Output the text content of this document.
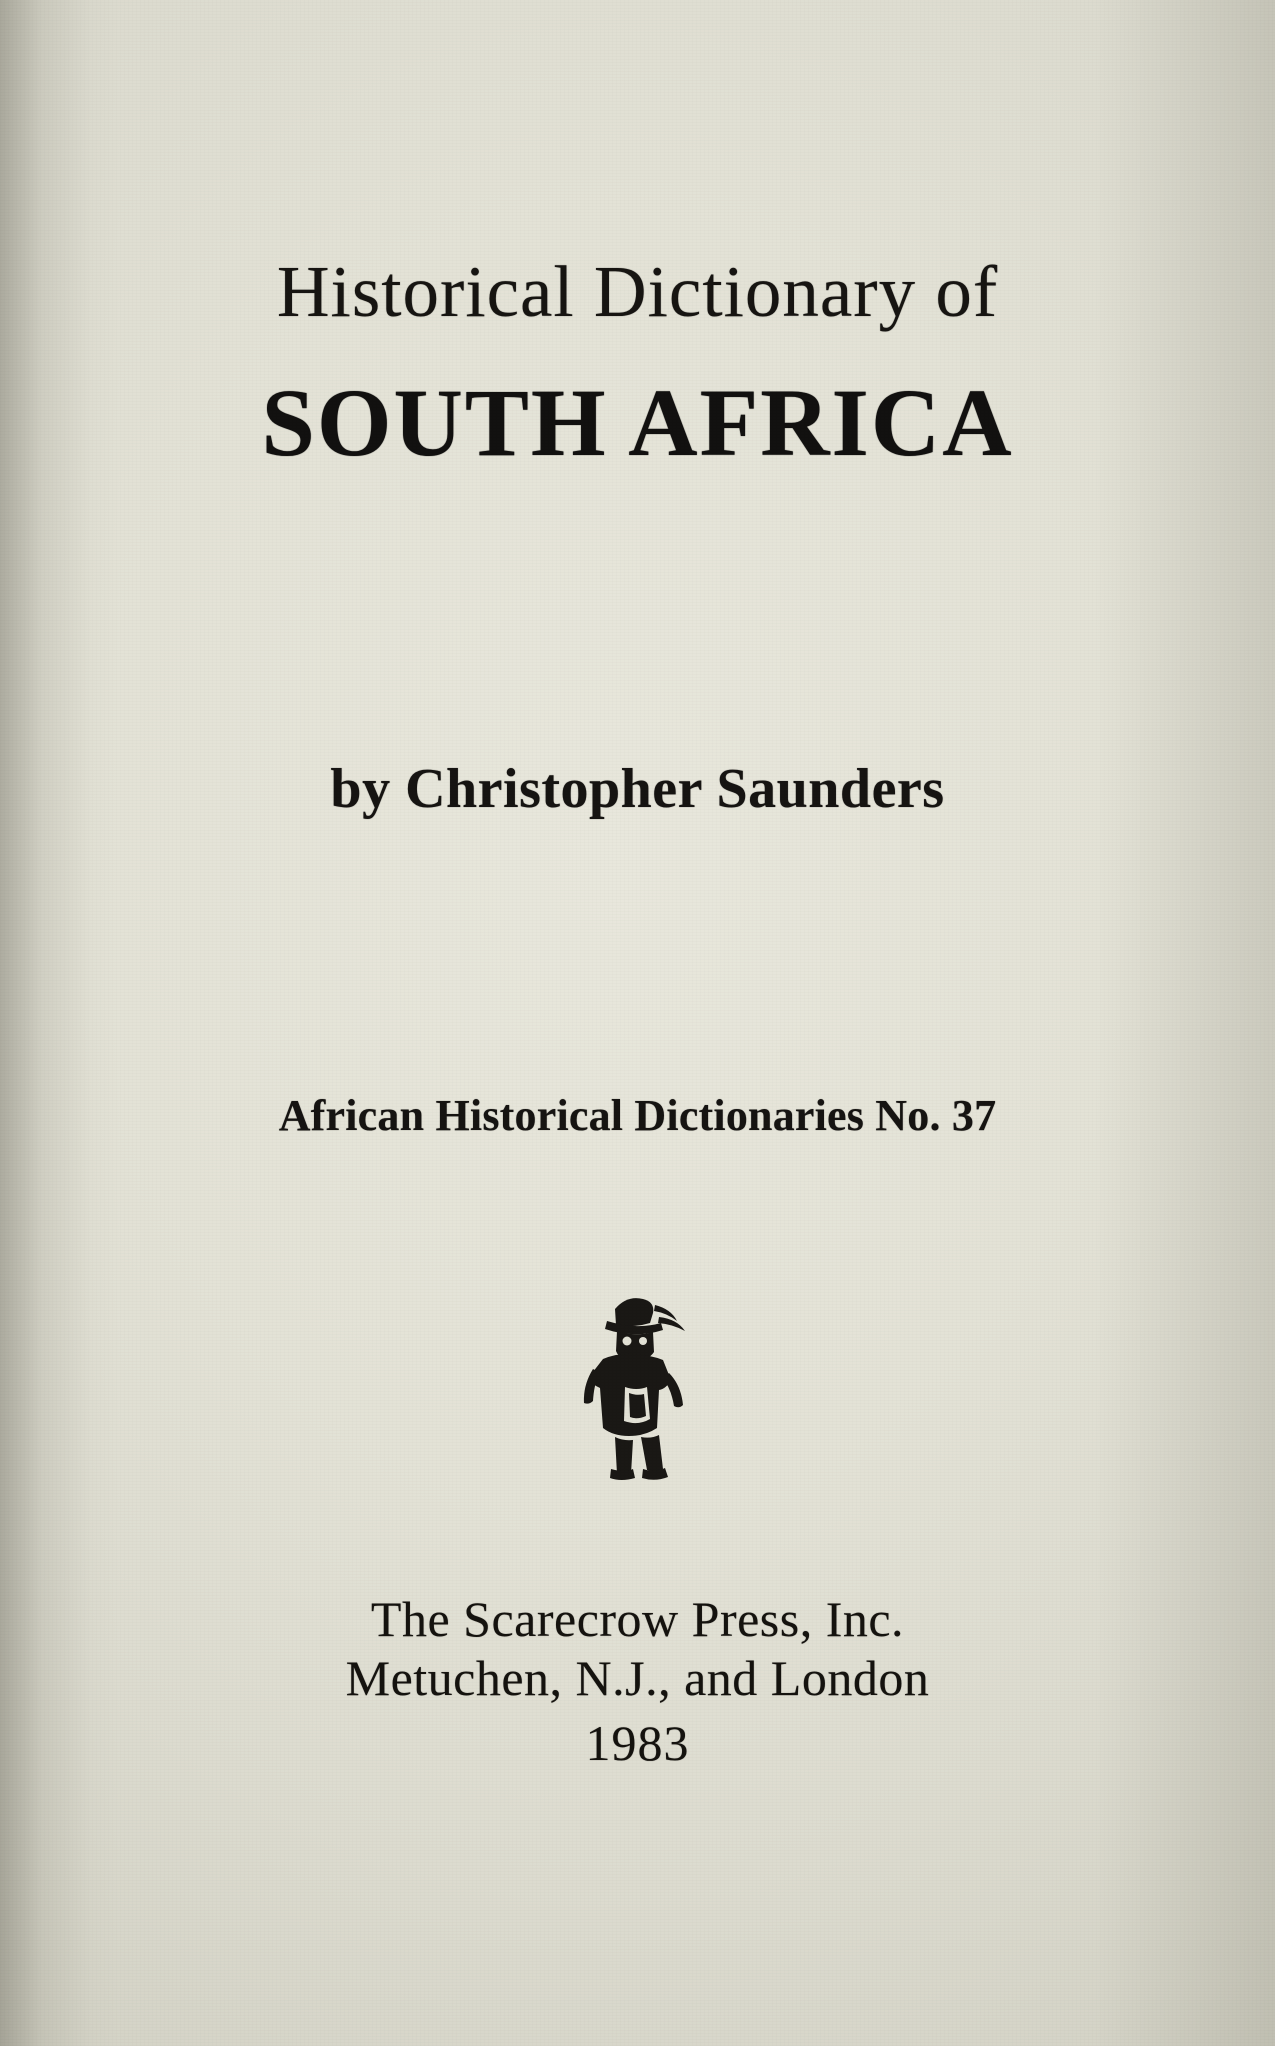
Historical Dictionary of
SOUTH AFRICA
by Christopher Saunders
African Historical Dictionaries No. 37
The Scarecrow Press, Inc.
Metuchen, N.J., and London
1983
